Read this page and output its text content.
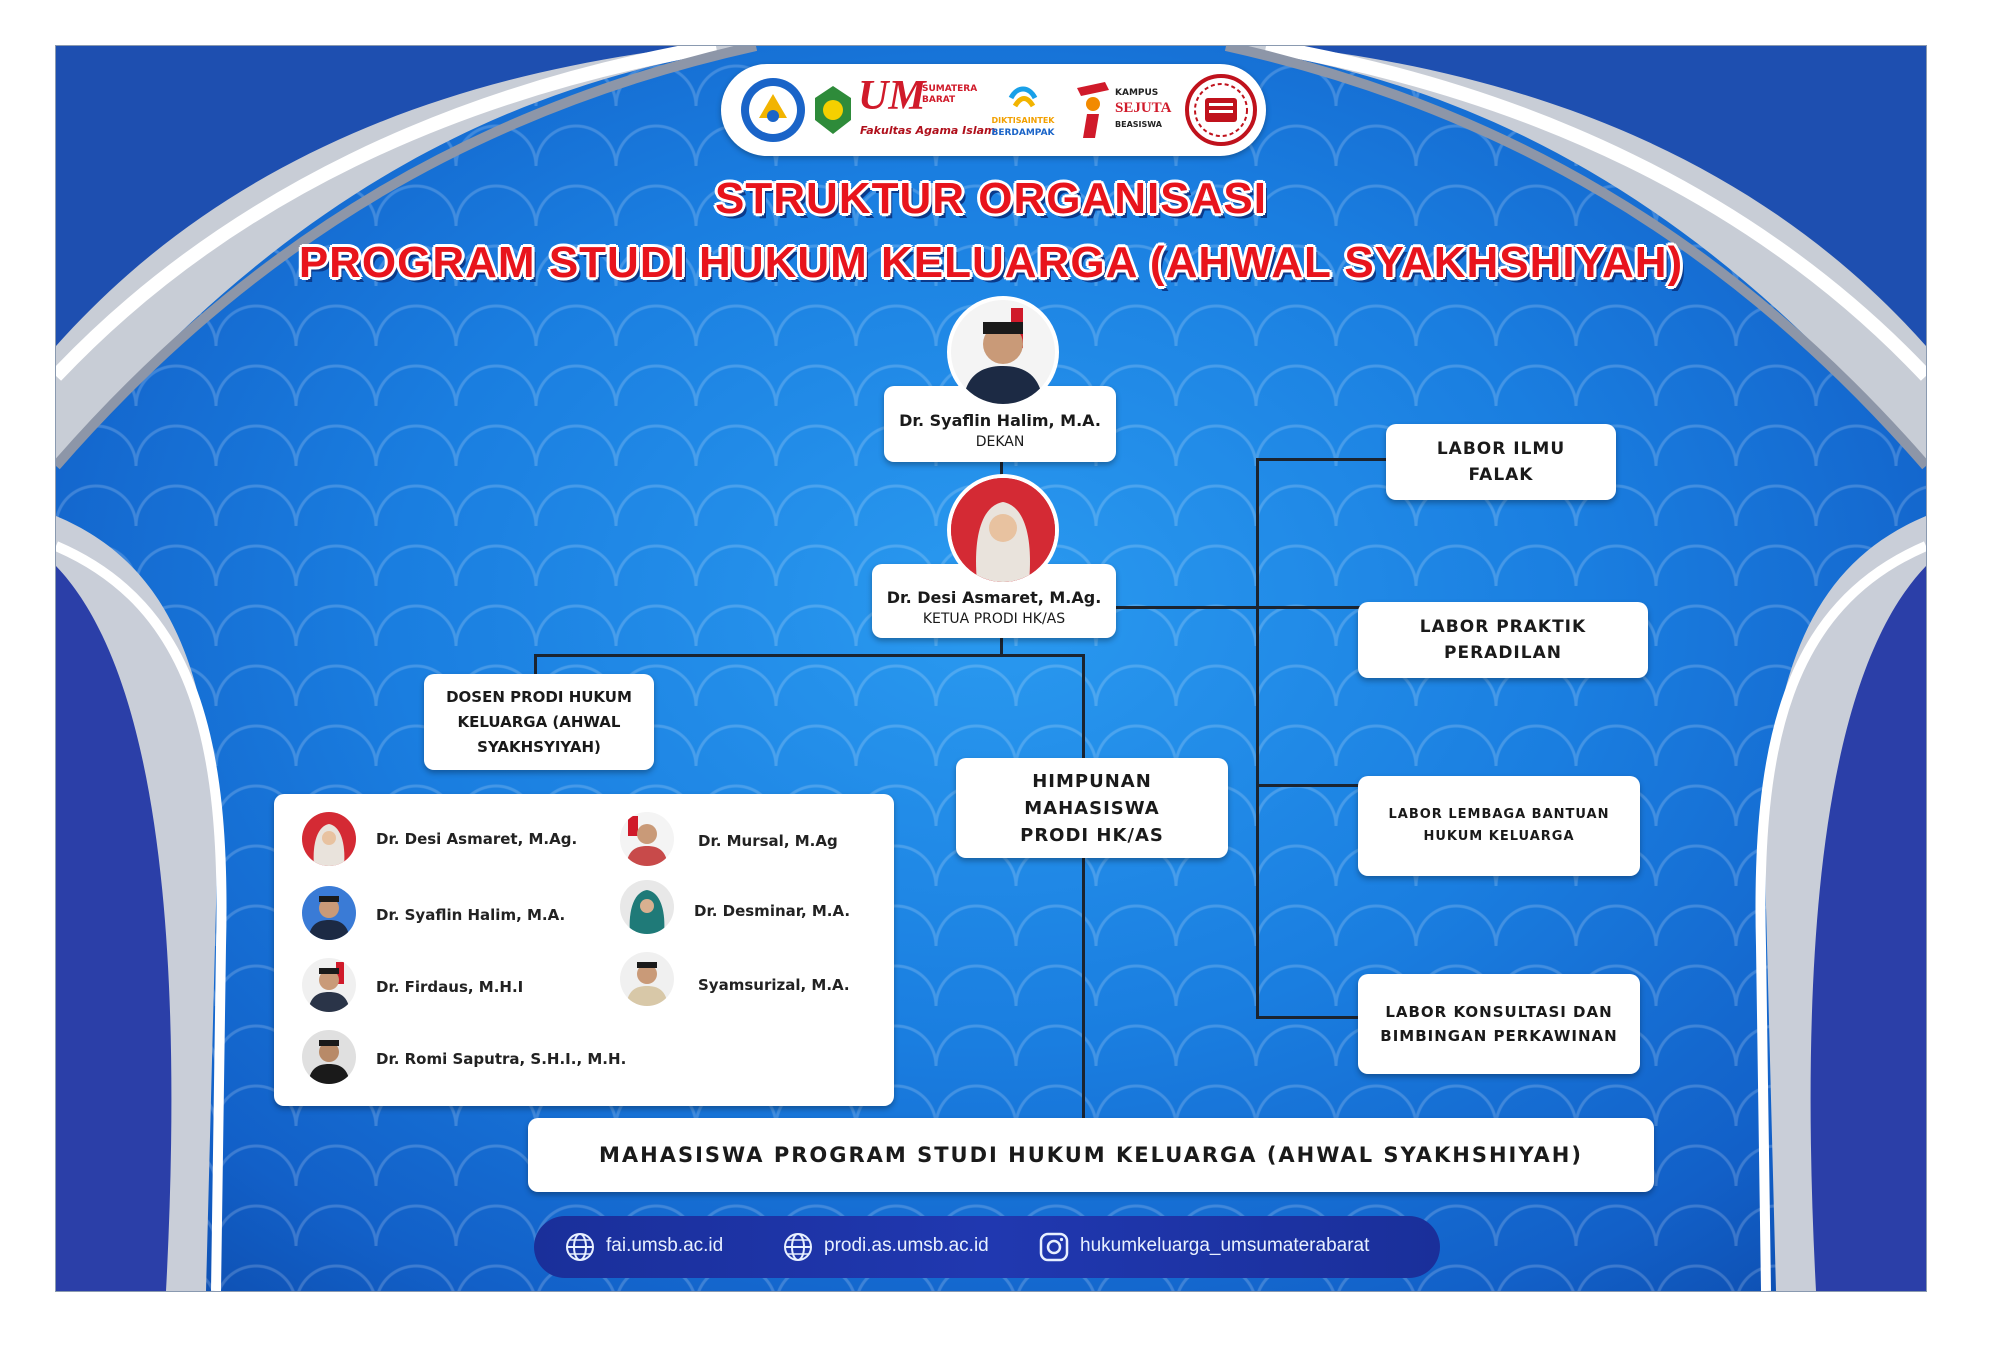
UM
SUMATERA BARAT
Fakultas Agama Islam
DIKTISAINTEK
BERDAMPAK
KAMPUS
SEJUTA
BEASISWA
STRUKTUR ORGANISASI
PROGRAM STUDI HUKUM KELUARGA (AHWAL SYAKHSHIYAH)
Dr. Syaflin Halim, M.A.
DEKAN
Dr. Desi Asmaret, M.Ag.
KETUA PRODI HK/AS
DOSEN PRODI HUKUM KELUARGA (AHWAL SYAKHSYIYAH)
Dr. Desi Asmaret, M.Ag.
Dr. Syaflin Halim, M.A.
Dr. Firdaus, M.H.I
Dr. Romi Saputra, S.H.I., M.H.
Dr. Mursal, M.Ag
Dr. Desminar, M.A.
Syamsurizal, M.A.
HIMPUNAN MAHASISWA PRODI HK/AS
LABOR ILMU FALAK
LABOR PRAKTIK PERADILAN
LABOR LEMBAGA BANTUAN HUKUM KELUARGA
LABOR KONSULTASI DAN BIMBINGAN PERKAWINAN
MAHASISWA PROGRAM STUDI HUKUM KELUARGA (AHWAL SYAKHSHIYAH)
fai.umsb.ac.id	prodi.as.umsb.ac.id	hukumkeluarga_umsumaterabarat
